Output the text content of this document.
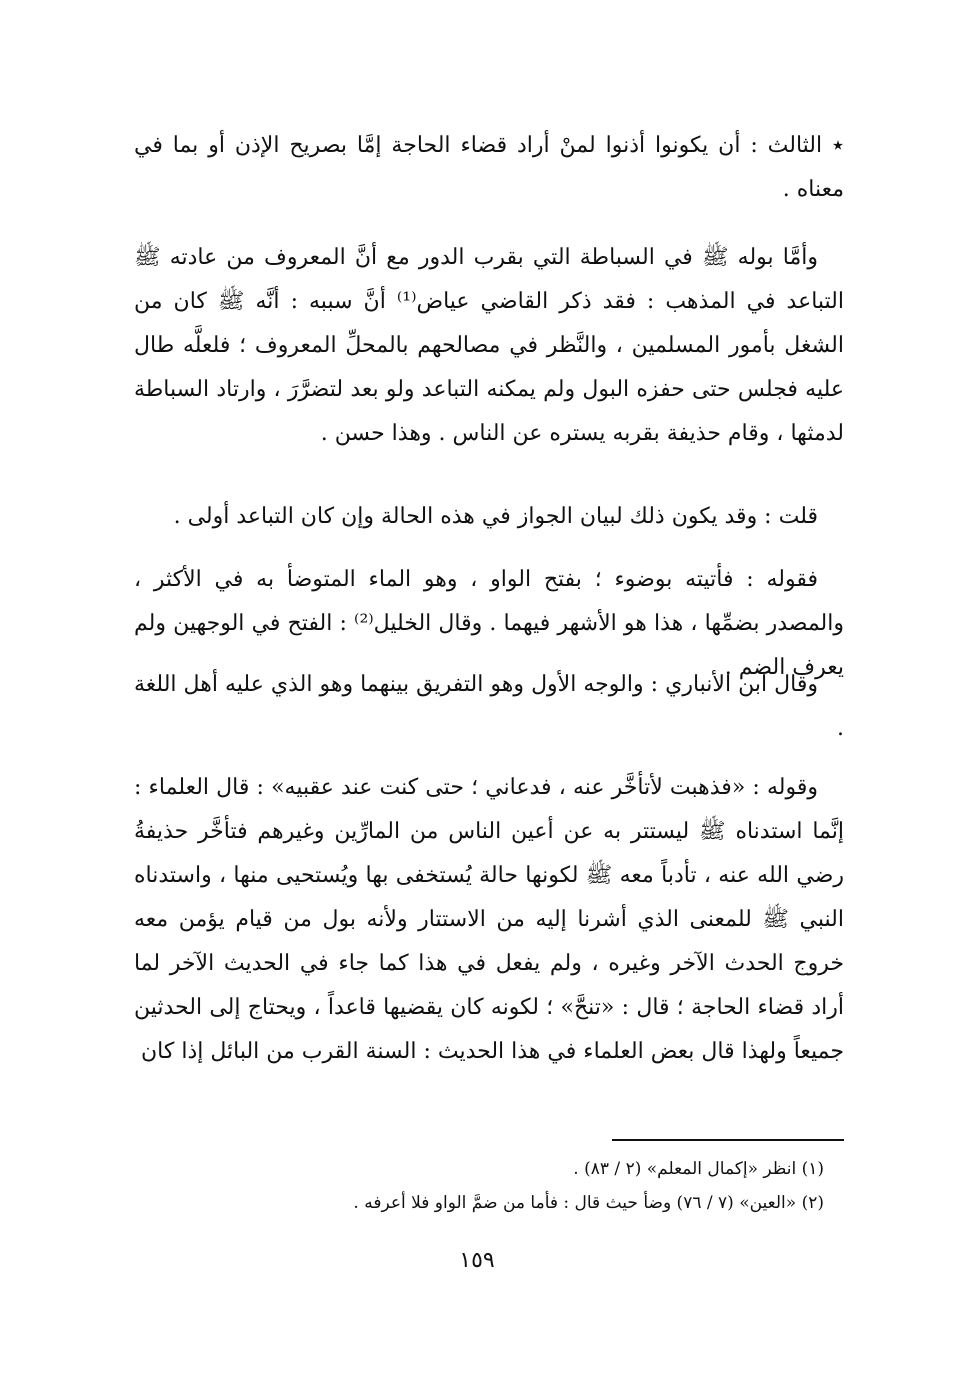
٭ الثالث : أن يكونوا أذنوا لمنْ أراد قضاء الحاجة إمَّا بصريح الإذن أو بما في معناه .

وأمَّا بوله ﷺ في السباطة التي بقرب الدور مع أنَّ المعروف من عادته ﷺ التباعد في المذهب : فقد ذكر القاضي عياض⁽¹⁾ أنَّ سببه : أنَّه ﷺ كان من الشغل بأمور المسلمين ، والنَّظر في مصالحهم بالمحلِّ المعروف ؛ فلعلَّه طال عليه فجلس حتى حفزه البول ولم يمكنه التباعد ولو بعد لتضرَّرَ ، وارتاد السباطة لدمثها ، وقام حذيفة بقربه يستره عن الناس . وهذا حسن .

قلت : وقد يكون ذلك لبيان الجواز في هذه الحالة وإن كان التباعد أولى .

فقوله : فأتيته بوضوء ؛ بفتح الواو ، وهو الماء المتوضأ به في الأكثر ، والمصدر بضمِّها ، هذا هو الأشهر فيهما . وقال الخليل⁽²⁾ : الفتح في الوجهين ولم يعرف الضم .

وقال ابن الأنباري : والوجه الأول وهو التفريق بينهما وهو الذي عليه أهل اللغة .

وقوله : «فذهبت لأتأخَّر عنه ، فدعاني ؛ حتى كنت عند عقبيه» : قال العلماء : إنَّما استدناه ﷺ ليستتر به عن أعين الناس من المارِّين وغيرهم فتأخَّر حذيفةُ رضي الله عنه ، تأدباً معه ﷺ لكونها حالة يُستخفى بها ويُستحيى منها ، واستدناه النبي ﷺ للمعنى الذي أشرنا إليه من الاستتار ولأنه بول من قيام يؤمن معه خروج الحدث الآخر وغيره ، ولم يفعل في هذا كما جاء في الحديث الآخر لما أراد قضاء الحاجة ؛ قال : «تنحَّ» ؛ لكونه كان يقضيها قاعداً ، ويحتاج إلى الحدثين جميعاً ولهذا قال بعض العلماء في هذا الحديث : السنة القرب من البائل إذا كان

(١) انظر «إكمال المعلم» (٢ / ٨٣) .

(٢) «العين» (٧ / ٧٦) وضأ حيث قال : فأما من ضمَّ الواو فلا أعرفه .

١٥٩
